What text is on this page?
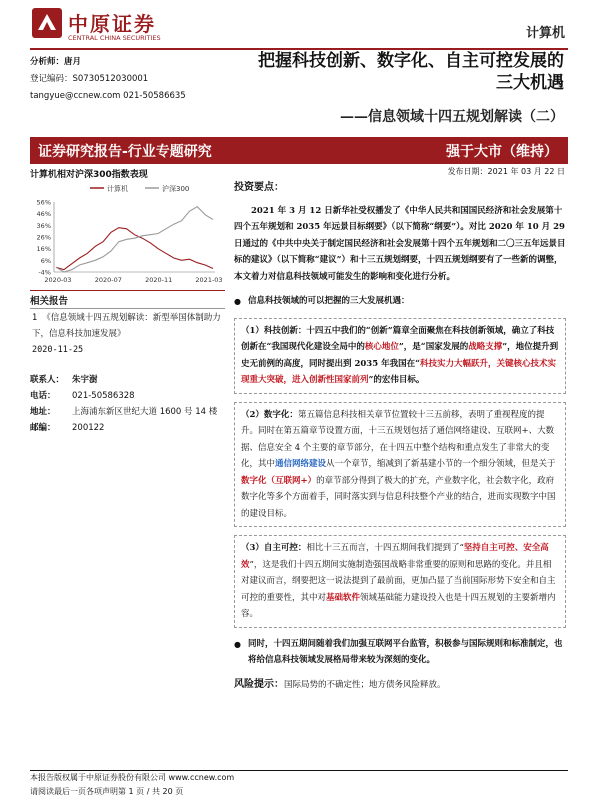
中原证券
CENTRAL CHINA SECURITIES	计算机
分析师：唐月
登记编码：S0730512030001
tangyue@ccnew.com 021-50586635
把握科技创新、数字化、自主可控发展的
三大机遇
——信息领域十四五规划解读（二）
证券研究报告-行业专题研究	强于大市（维持）
计算机相对沪深300指数表现	发布日期：2021 年 03 月 22 日
计算机	沪深300
56%
46%
36%
26%
16%
6%
-4%
2020-03	2020-07	2020-11	2021-03
相关报告
1 《信息领域十四五规划解读：新型举国体制助力下，信息科技加速发展》
2020-11-25
联系人： 朱宇澍
电话：	021-50586328
地址：	上海浦东新区世纪大道 1600 号 14 楼
邮编：	200122
投资要点：

2021 年 3 月 12 日新华社受权播发了《中华人民共和国国民经济和社会发展第十四个五年规划和 2035 年远景目标纲要》（以下简称“纲要”）。对比 2020 年 10 月 29 日通过的《中共中央关于制定国民经济和社会发展第十四个五年规划和二〇三五年远景目标的建议》（以下简称“建议”）和十三五规划纲要，十四五规划纲要有了一些新的调整，本文着力对信息科技领域可能发生的影响和变化进行分析。

● 信息科技领域的可以把握的三大发展机遇：

（1）科技创新：十四五中我们的“创新”篇章全面聚焦在科技创新领域，确立了科技创新在“我国现代化建设全局中的核心地位”，是“国家发展的战略支撑”，地位提升到史无前例的高度，同时提出到 2035 年我国在“科技实力大幅跃升，关键核心技术实现重大突破，进入创新性国家前列”的宏伟目标。

（2）数字化：第五篇信息科技相关章节位置较十三五前移，表明了重视程度的提升。同时在第五篇章节设置方面，十三五规划包括了通信网络建设、互联网+、大数据、信息安全 4 个主要的章节部分，在十四五中整个结构和重点发生了非常大的变化，其中通信网络建设从一个章节，缩减到了新基建小节的一个细分领域，但是关于数字化（互联网+）的章节部分得到了极大的扩充，产业数字化，社会数字化，政府数字化等多个方面着手，同时落实到与信息科技整个产业的结合，进而实现数字中国的建设目标。

（3）自主可控：相比十三五而言，十四五期间我们提到了“坚持自主可控、安全高效”，这是我们十四五期间实施制造强国战略非常重要的原则和思路的变化。并且相对建议而言，纲要把这一说法提到了最前面，更加凸显了当前国际形势下安全和自主可控的重要性，其中对基础软件领域基础能力建设投入也是十四五规划的主要新增内容。

● 同时，十四五期间随着我们加强互联网平台监管，积极参与国际规则和标准制定，也将给信息科技领域发展格局带来较为深刻的变化。
风险提示：国际局势的不确定性；地方债务风险释放。
本报告版权属于中原证券股份有限公司 www.ccnew.com
请阅读最后一页各项声明第 1 页 / 共 20 页
